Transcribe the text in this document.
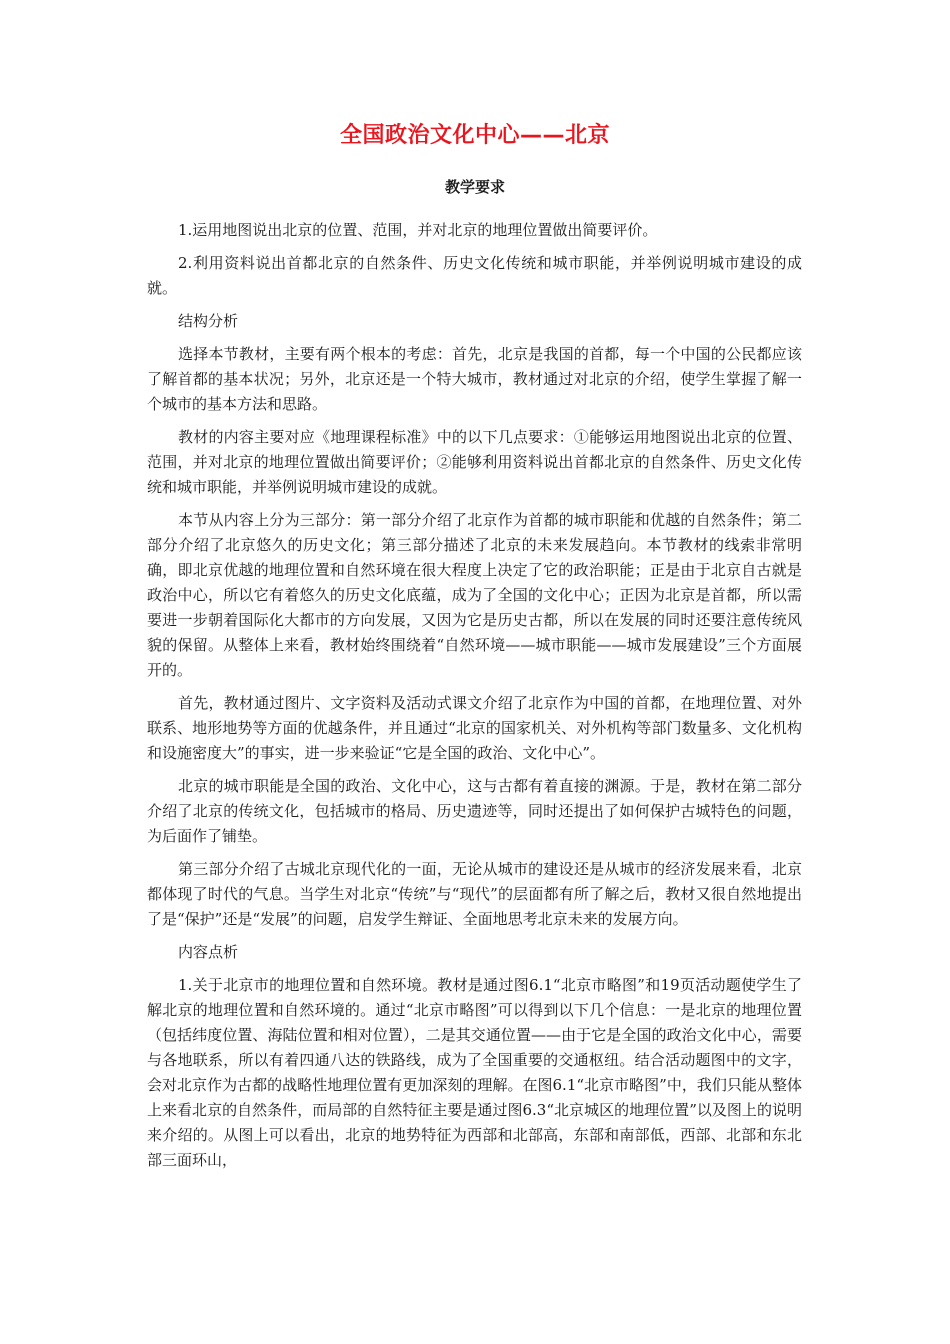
全国政治文化中心——北京
教学要求

1.运用地图说出北京的位置、范围，并对北京的地理位置做出简要评价。

2.利用资料说出首都北京的自然条件、历史文化传统和城市职能，并举例说明城市建设的成就。

结构分析

选择本节教材，主要有两个根本的考虑：首先，北京是我国的首都，每一个中国的公民都应该了解首都的基本状况；另外，北京还是一个特大城市，教材通过对北京的介绍，使学生掌握了解一个城市的基本方法和思路。

教材的内容主要对应《地理课程标准》中的以下几点要求：①能够运用地图说出北京的位置、范围，并对北京的地理位置做出简要评价；②能够利用资料说出首都北京的自然条件、历史文化传统和城市职能，并举例说明城市建设的成就。

本节从内容上分为三部分：第一部分介绍了北京作为首都的城市职能和优越的自然条件；第二部分介绍了北京悠久的历史文化；第三部分描述了北京的未来发展趋向。本节教材的线索非常明确，即北京优越的地理位置和自然环境在很大程度上决定了它的政治职能；正是由于北京自古就是政治中心，所以它有着悠久的历史文化底蕴，成为了全国的文化中心；正因为北京是首都，所以需要进一步朝着国际化大都市的方向发展，又因为它是历史古都，所以在发展的同时还要注意传统风貌的保留。从整体上来看，教材始终围绕着“自然环境——城市职能——城市发展建设”三个方面展开的。

首先，教材通过图片、文字资料及活动式课文介绍了北京作为中国的首都，在地理位置、对外联系、地形地势等方面的优越条件，并且通过“北京的国家机关、对外机构等部门数量多、文化机构和设施密度大”的事实，进一步来验证“它是全国的政治、文化中心”。

北京的城市职能是全国的政治、文化中心，这与古都有着直接的渊源。于是，教材在第二部分介绍了北京的传统文化，包括城市的格局、历史遗迹等，同时还提出了如何保护古城特色的问题，为后面作了铺垫。

第三部分介绍了古城北京现代化的一面，无论从城市的建设还是从城市的经济发展来看，北京都体现了时代的气息。当学生对北京“传统”与“现代”的层面都有所了解之后，教材又很自然地提出了是“保护”还是“发展”的问题，启发学生辩证、全面地思考北京未来的发展方向。

内容点析

1.关于北京市的地理位置和自然环境。教材是通过图6.1“北京市略图”和19页活动题使学生了解北京的地理位置和自然环境的。通过“北京市略图”可以得到以下几个信息：一是北京的地理位置（包括纬度位置、海陆位置和相对位置），二是其交通位置——由于它是全国的政治文化中心，需要与各地联系，所以有着四通八达的铁路线，成为了全国重要的交通枢纽。结合活动题图中的文字，会对北京作为古都的战略性地理位置有更加深刻的理解。在图6.1“北京市略图”中，我们只能从整体上来看北京的自然条件，而局部的自然特征主要是通过图6.3“北京城区的地理位置”以及图上的说明来介绍的。从图上可以看出，北京的地势特征为西部和北部高，东部和南部低，西部、北部和东北部三面环山，
